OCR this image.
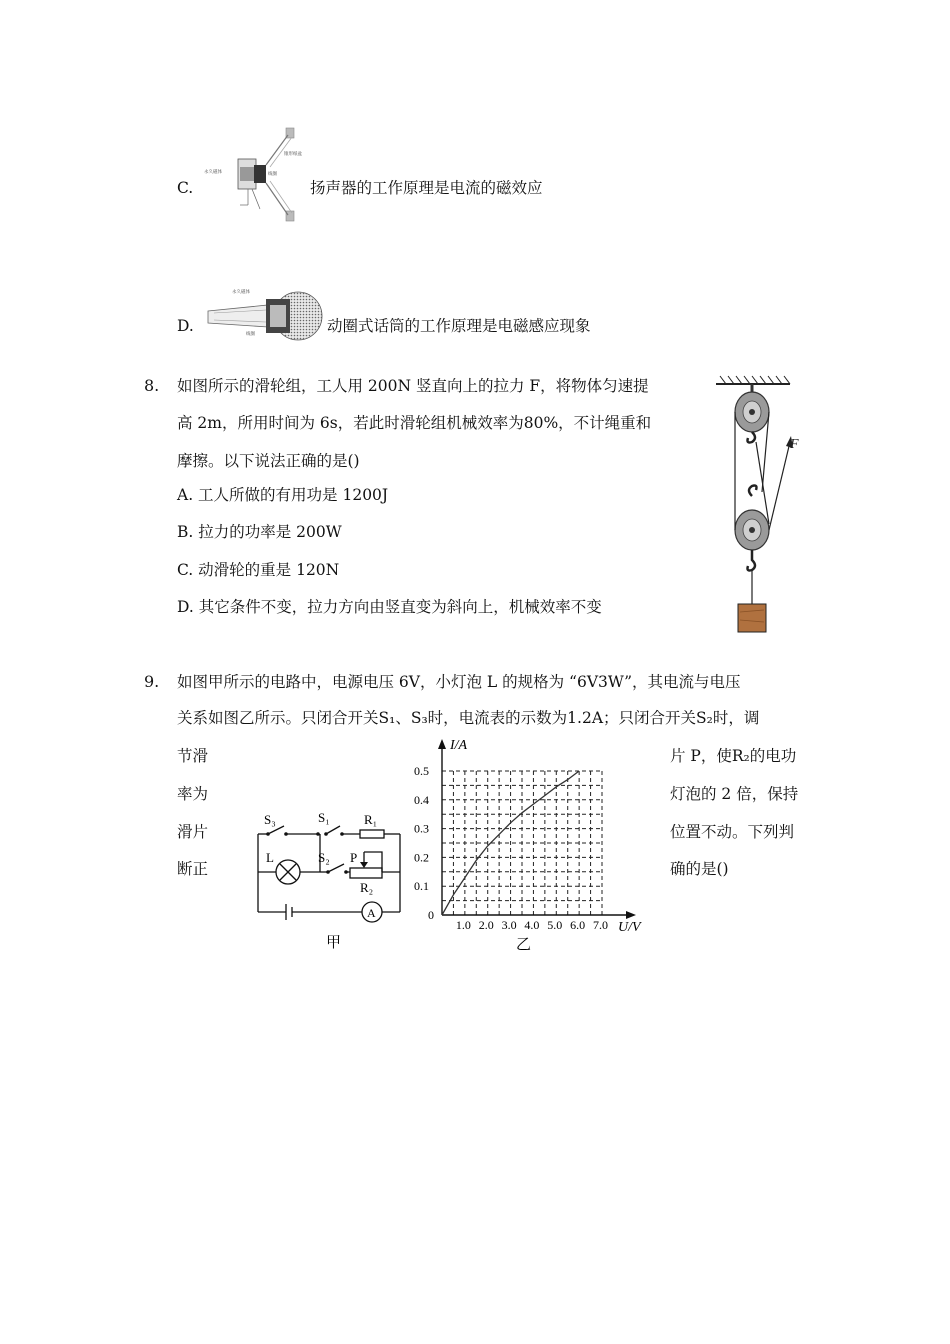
C.
永久磁体	线圈
锥形纸盆
扬声器的工作原理是电流的磁效应
D.
永久磁体
线圈	动圈式话筒的工作原理是电磁感应现象
8. 如图所示的滑轮组，工人用 200N 竖直向上的拉力 F，将物体匀速提
高 2m，所用时间为 6s，若此时滑轮组机械效率为80%，不计绳重和
摩擦。以下说法正确的是()
A. 工人所做的有用功是 1200J
B. 拉力的功率是 200W
C. 动滑轮的重是 120N
D. 其它条件不变，拉力方向由竖直变为斜向上，机械效率不变
F
9. 如图甲所示的电路中，电源电压 6V，小灯泡 L 的规格为 “6V3W”，其电流与电压
关系如图乙所示。只闭合开关S₁、S₃时，电流表的示数为1.2A；只闭合开关S₂时，调
节滑
率为
滑片
断正
片 P，使R₂的电功
灯泡的 2 倍，保持
位置不动。下列判
确的是()
S₃	S₁	R₁
L	S₂ P
R₂
A
甲
1.0 2.0 3.0 4.0 5.0 6.0 7.0
0.1
0.2
0.3
0.4
0.5
I/A
U/V
0
乙
